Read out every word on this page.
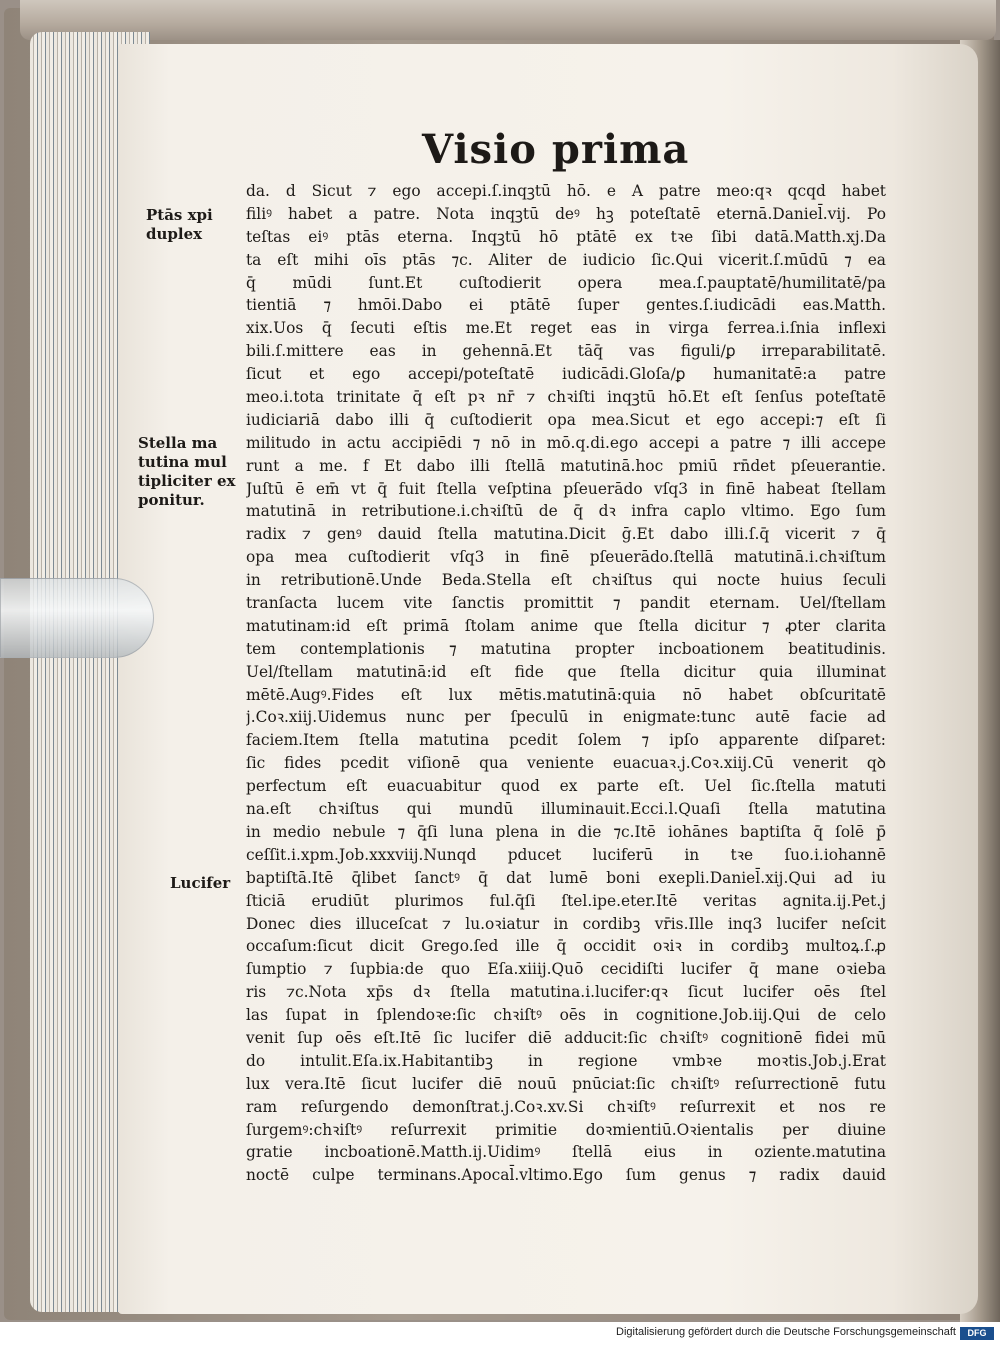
Visio prima
Ptās xpi
duplex
Stella ma
tutina mul
tipliciter ex
ponitur.
Lucifer
da. d Sicut ⁊ ego accepi.ſ.inqꝫtū hō. e A patre meo:qꝛ qcqd habet
filiꝰ habet a patre. Nota inqꝫtū deꝰ hꝫ poteſtatē eternā.Daniel̄.vij. Po
teſtas eiꝰ ptās eterna. Inqꝫtū hō ptātē ex tꝛe ſibi datā.Matth.xj.Da
ta eſt mihi oīs ptās ⁊c. Aliter de iudicio ſic.Qui vicerit.ſ.mūdū ⁊ ea
q̄ mūdi ſunt.Et cuſtodierit opera mea.ſ.pauptatē/humilitatē/pa
tientiā ⁊ hmōi.Dabo ei ptātē ſuper gentes.ſ.iudicādi eas.Matth.
xix.Uos q̄ ſecuti eſtis me.Et reget eas in virga ferrea.i.ſnia inflexi
bili.ſ.mittere eas in gehennā.Et tāq̄ vas figuli/ꝑ irreparabilitatē.
ſicut et ego accepi/poteſtatē iudicādi.Gloſa/ꝑ humanitatē:a patre
meo.i.tota trinitate q̄ eſt pꝛ nr̄ ⁊ chꝛiſti inqꝫtū hō.Et eſt ſenſus poteſtatē
iudiciariā dabo illi q̄ cuſtodierit opa mea.Sicut et ego accepi:⁊ eſt ſi
militudo in actu accipiēdi ⁊ nō in mō.q.di.ego accepi a patre ⁊ illi accepe
runt a me. f Et dabo illi ſtellā matutinā.hoc pmiū rn̄det pſeuerantie.
Juſtū ē em̄ vt q̄ fuit ſtella veſptina pſeuerādo vſq3 in finē habeat ſtellam
matutinā in retributione.i.chꝛiſtū de q̄ dꝛ infra caplo vltimo. Ego ſum
radix ⁊ genꝰ dauid ſtella matutina.Dicit ḡ.Et dabo illi.ſ.q̄ vicerit ⁊ q̄
opa mea cuſtodierit vſq3 in finē pſeuerādo.ſtellā matutinā.i.chꝛiſtum
in retributionē.Unde Beda.Stella eſt chꝛiſtus qui nocte huius ſeculi
tranſacta lucem vite ſanctis promittit ⁊ pandit eternam. Uel/ſtellam
matutinam:id eſt primā ſtolam anime que ſtella dicitur ⁊ ꝓter clarita
tem contemplationis ⁊ matutina propter incboationem beatitudinis.
Uel/ſtellam matutinā:id eſt fide que ſtella dicitur quia illuminat
mētē.Augꝰ.Fides eſt lux mētis.matutinā:quia nō habet obſcuritatē
j.Coꝛ.xiij.Uidemus nunc per ſpeculū in enigmate:tunc autē facie ad
faciem.Item ſtella matutina pcedit ſolem ⁊ ipſo apparente diſparet:
ſic fides pcedit viſionē qua veniente euacuaꝛ.j.Coꝛ.xiij.Cū venerit qꝺ
perfectum eſt euacuabitur quod ex parte eſt. Uel ſic.ſtella matuti
na.eſt chꝛiſtus qui mundū illuminauit.Ecci.l.Quaſi ſtella matutina
in medio nebule ⁊ q̄ſi luna plena in die ⁊c.Itē iohānes baptiſta q̄ ſolē p̄
ceſſit.i.xpm.Job.xxxviij.Nunqd pducet luciferū in tꝛe ſuo.i.iohannē
baptiſtā.Itē q̄libet ſanctꝰ q̄ dat lumē boni exepli.Daniel̄.xij.Qui ad iu
ſticiā erudiūt plurimos ful.q̄ſi ſtel.ipe.eter.Itē veritas agnita.ij.Pet.j
Donec dies illuceſcat ⁊ lu.oꝛiatur in cordibꝫ vr̄is.Ille inq3 lucifer neſcit
occaſum:ſicut dicit Grego.ſed ille q̄ occidit oꝛiꝛ in cordibꝫ multoꝝ.ſ.ꝓ
ſumptio ⁊ ſupbia:de quo Eſa.xiiij.Quō cecidiſti lucifer q̄ mane oꝛieba
ris ⁊c.Nota xp̄s dꝛ ſtella matutina.i.lucifer:qꝛ ſicut lucifer oēs ſtel
las ſupat in ſplendoꝛe:ſic chꝛiſtꝰ oēs in cognitione.Job.iij.Qui de celo
venit ſup oēs eſt.Itē ſic lucifer diē adducit:ſic chꝛiſtꝰ cognitionē fidei mū
do intulit.Eſa.ix.Habitantibꝫ in regione vmbꝛe moꝛtis.Job.j.Erat
lux vera.Itē ſicut lucifer diē nouū pnūciat:ſic chꝛiſtꝰ reſurrectionē futu
ram reſurgendo demonſtrat.j.Coꝛ.xv.Si chꝛiſtꝰ reſurrexit et nos re
ſurgemꝰ:chꝛiſtꝰ reſurrexit primitie doꝛmientiū.Oꝛientalis per diuine
gratie incboationē.Matth.ij.Uidimꝰ ſtellā eius in oziente.matutina
noctē culpe terminans.Apocal̄.vltimo.Ego ſum genus ⁊ radix dauid
Digitalisierung gefördert durch die Deutsche Forschungsgemeinschaft	DFG
